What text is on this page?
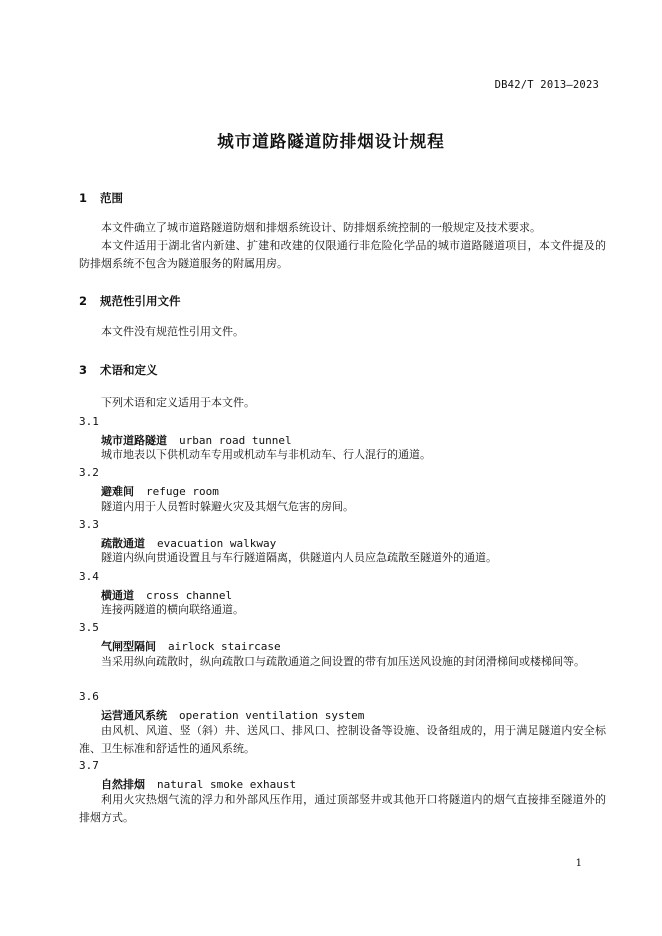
DB42/T 2013—2023
城市道路隧道防排烟设计规程
1 范围

本文件确立了城市道路隧道防烟和排烟系统设计、防排烟系统控制的一般规定及技术要求。

本文件适用于湖北省内新建、扩建和改建的仅限通行非危险化学品的城市道路隧道项目，本文件提及的防排烟系统不包含为隧道服务的附属用房。

2 规范性引用文件

本文件没有规范性引用文件。

3 术语和定义

下列术语和定义适用于本文件。

3.1
城市道路隧道 urban road tunnel

城市地表以下供机动车专用或机动车与非机动车、行人混行的通道。

3.2
避难间 refuge room

隧道内用于人员暂时躲避火灾及其烟气危害的房间。

3.3
疏散通道 evacuation walkway

隧道内纵向贯通设置且与车行隧道隔离，供隧道内人员应急疏散至隧道外的通道。

3.4
横通道 cross channel

连接两隧道的横向联络通道。

3.5
气闸型隔间 airlock staircase

当采用纵向疏散时，纵向疏散口与疏散通道之间设置的带有加压送风设施的封闭滑梯间或楼梯间等。

3.6
运营通风系统 operation ventilation system

由风机、风道、竖（斜）井、送风口、排风口、控制设备等设施、设备组成的，用于满足隧道内安全标准、卫生标准和舒适性的通风系统。

3.7
自然排烟 natural smoke exhaust

利用火灾热烟气流的浮力和外部风压作用，通过顶部竖井或其他开口将隧道内的烟气直接排至隧道外的排烟方式。

1
